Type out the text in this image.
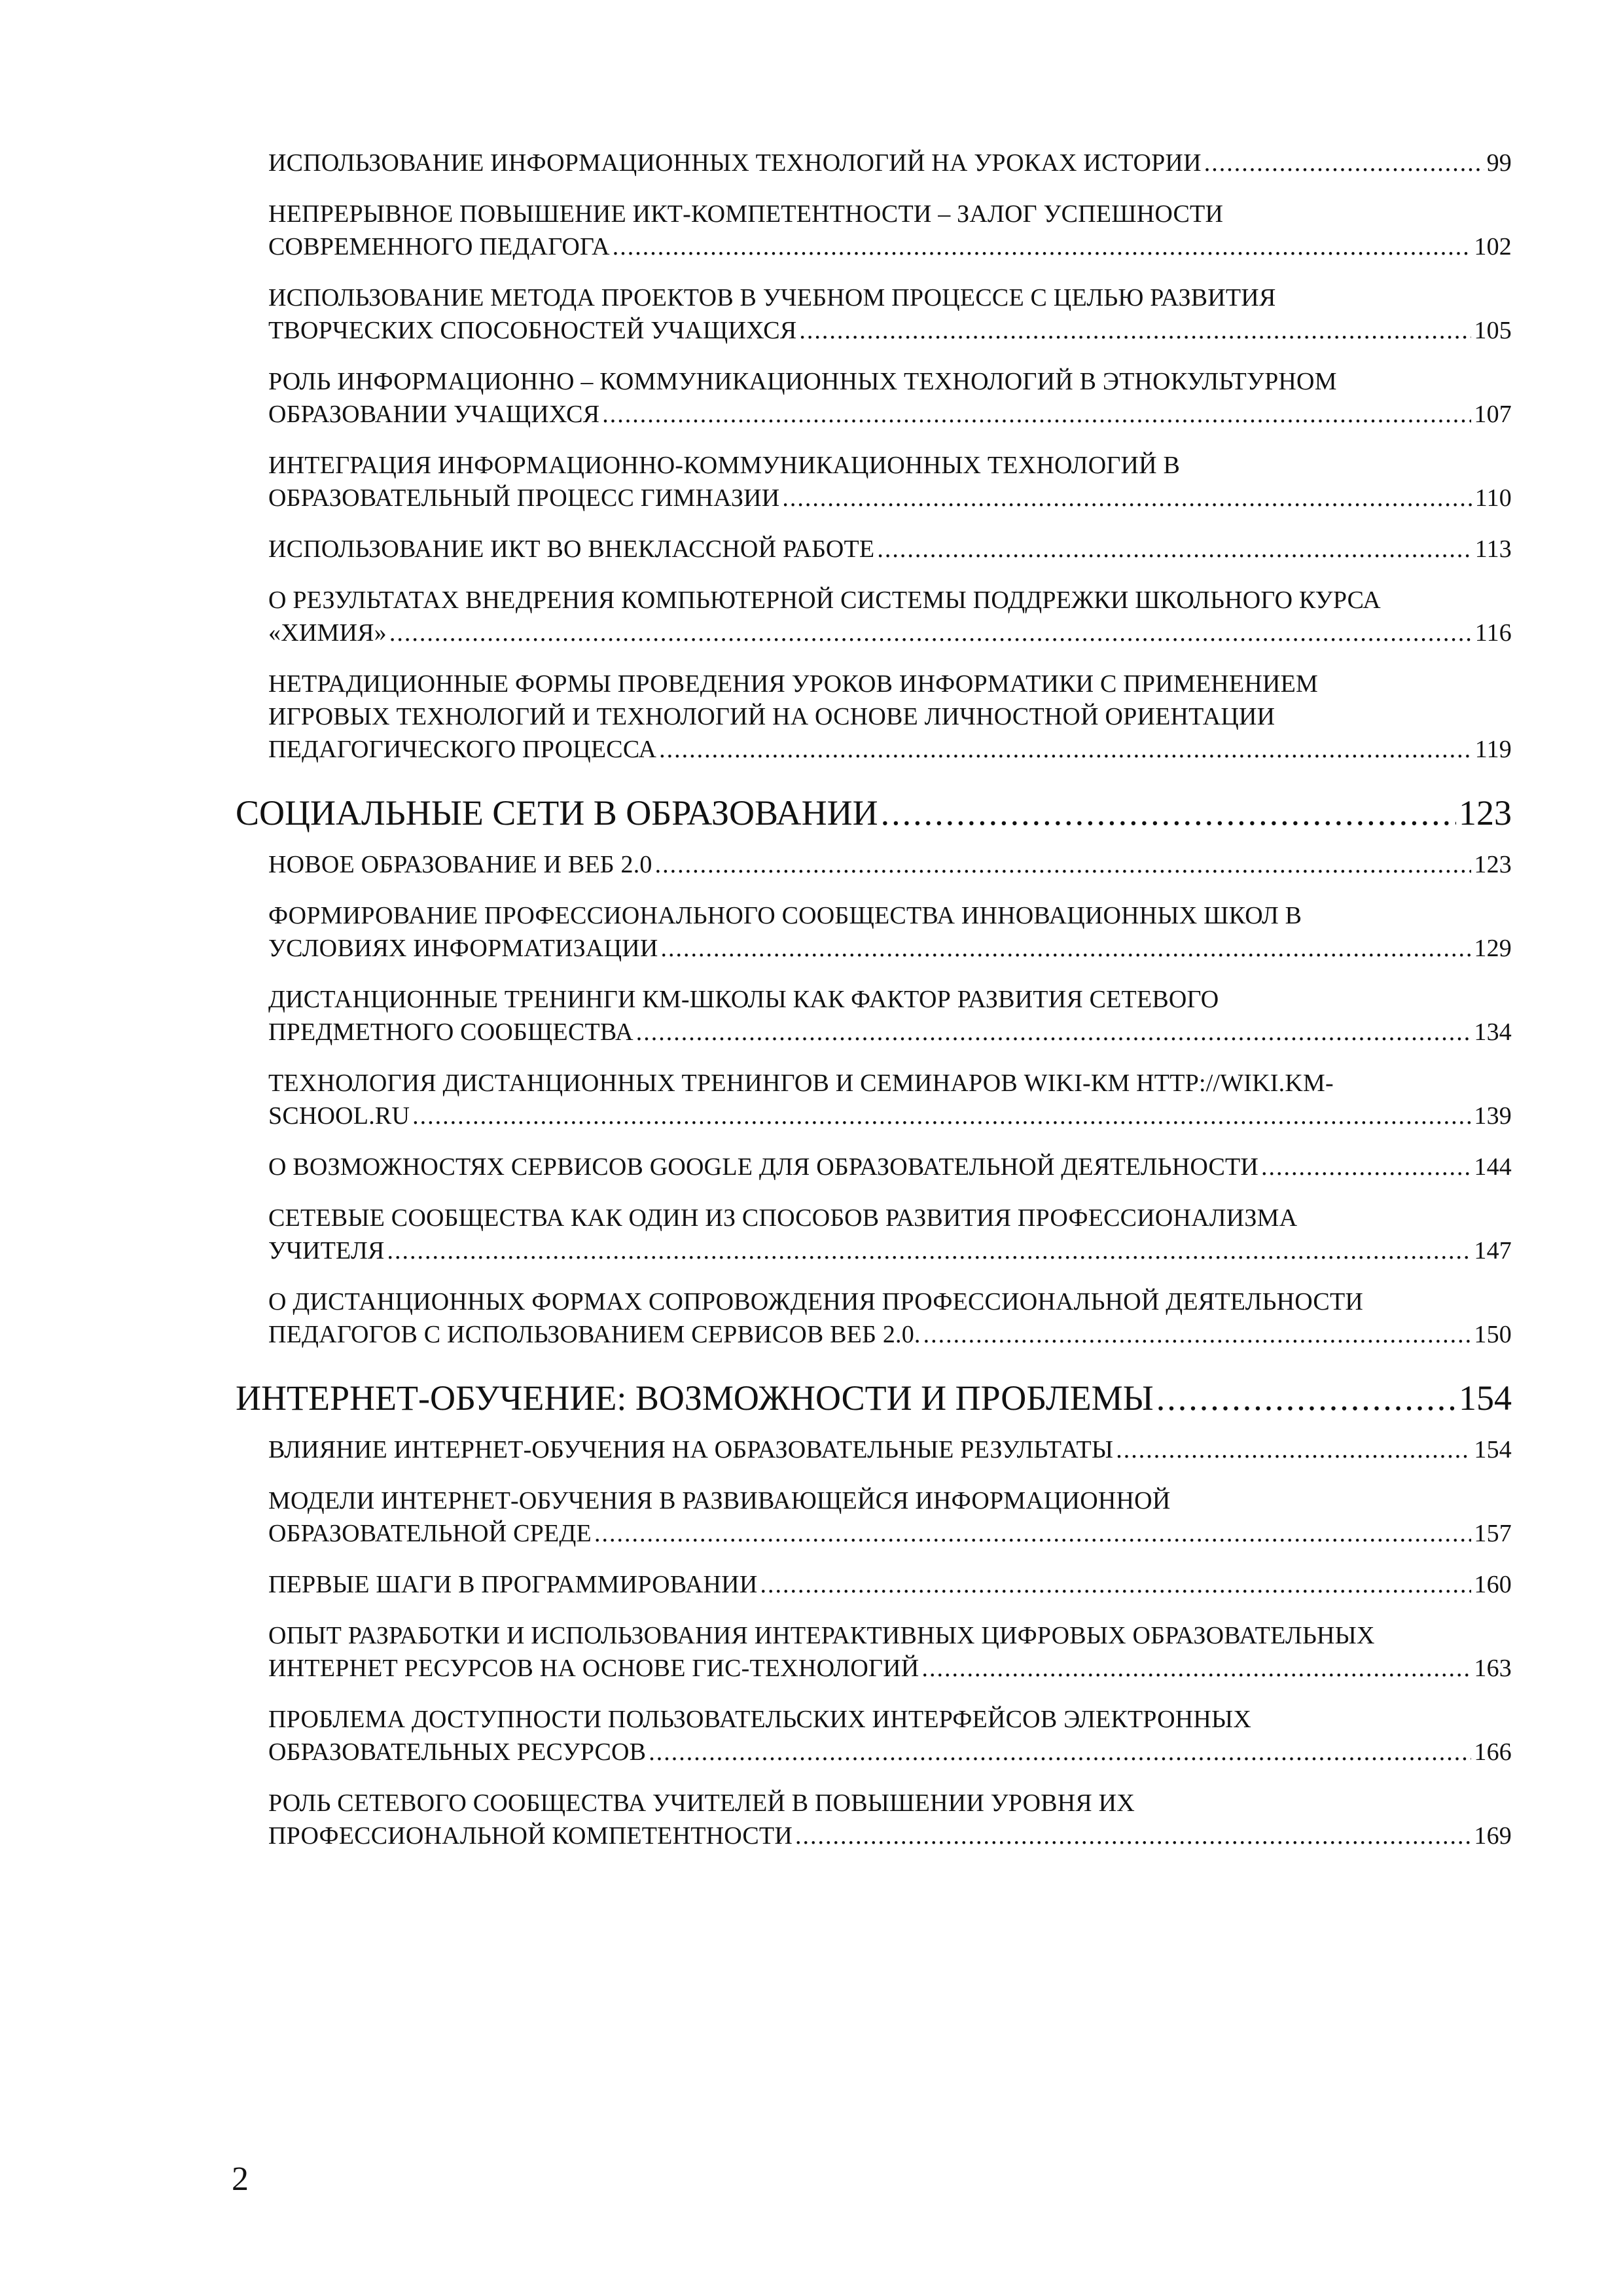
ИСПОЛЬЗОВАНИЕ ИНФОРМАЦИОННЫХ ТЕХНОЛОГИЙ НА УРОКАХ ИСТОРИИ .....	99
НЕПРЕРЫВНОЕ ПОВЫШЕНИЕ ИКТ-КОМПЕТЕНТНОСТИ – ЗАЛОГ УСПЕШНОСТИ
СОВРЕМЕННОГО ПЕДАГОГА .....	102
ИСПОЛЬЗОВАНИЕ МЕТОДА ПРОЕКТОВ В УЧЕБНОМ ПРОЦЕССЕ С ЦЕЛЬЮ РАЗВИТИЯ
ТВОРЧЕСКИХ СПОСОБНОСТЕЙ УЧАЩИХСЯ .....	105
РОЛЬ ИНФОРМАЦИОННО – КОММУНИКАЦИОННЫХ ТЕХНОЛОГИЙ В ЭТНОКУЛЬТУРНОМ
ОБРАЗОВАНИИ УЧАЩИХСЯ .....	107
ИНТЕГРАЦИЯ ИНФОРМАЦИОННО-КОММУНИКАЦИОННЫХ ТЕХНОЛОГИЙ В
ОБРАЗОВАТЕЛЬНЫЙ ПРОЦЕСС ГИМНАЗИИ .....	110
ИСПОЛЬЗОВАНИЕ ИКТ ВО ВНЕКЛАССНОЙ РАБОТЕ .....	113
О РЕЗУЛЬТАТАХ ВНЕДРЕНИЯ КОМПЬЮТЕРНОЙ СИСТЕМЫ ПОДДРЕЖКИ ШКОЛЬНОГО КУРСА
«ХИМИЯ» .....	116
НЕТРАДИЦИОННЫЕ ФОРМЫ ПРОВЕДЕНИЯ УРОКОВ ИНФОРМАТИКИ С ПРИМЕНЕНИЕМ
ИГРОВЫХ ТЕХНОЛОГИЙ И ТЕХНОЛОГИЙ НА ОСНОВЕ ЛИЧНОСТНОЙ ОРИЕНТАЦИИ
ПЕДАГОГИЧЕСКОГО ПРОЦЕССА .....	119
СОЦИАЛЬНЫЕ СЕТИ В ОБРАЗОВАНИИ .....	123
НОВОЕ ОБРАЗОВАНИЕ И ВЕБ 2.0 .....	123
ФОРМИРОВАНИЕ ПРОФЕССИОНАЛЬНОГО СООБЩЕСТВА ИННОВАЦИОННЫХ ШКОЛ В
УСЛОВИЯХ ИНФОРМАТИЗАЦИИ .....	129
ДИСТАНЦИОННЫЕ ТРЕНИНГИ КМ-ШКОЛЫ КАК ФАКТОР РАЗВИТИЯ СЕТЕВОГО
ПРЕДМЕТНОГО СООБЩЕСТВА .....	134
ТЕХНОЛОГИЯ ДИСТАНЦИОННЫХ ТРЕНИНГОВ И СЕМИНАРОВ WIKI-КМ HTTP://WIKI.KM-
SCHOOL.RU .....	139
О ВОЗМОЖНОСТЯХ СЕРВИСОВ GOOGLE ДЛЯ ОБРАЗОВАТЕЛЬНОЙ ДЕЯТЕЛЬНОСТИ .....	144
СЕТЕВЫЕ СООБЩЕСТВА КАК ОДИН ИЗ СПОСОБОВ РАЗВИТИЯ ПРОФЕССИОНАЛИЗМА
УЧИТЕЛЯ .....	147
О ДИСТАНЦИОННЫХ ФОРМАХ СОПРОВОЖДЕНИЯ ПРОФЕССИОНАЛЬНОЙ ДЕЯТЕЛЬНОСТИ
ПЕДАГОГОВ С ИСПОЛЬЗОВАНИЕМ СЕРВИСОВ ВЕБ 2.0. .....	150
ИНТЕРНЕТ-ОБУЧЕНИЕ: ВОЗМОЖНОСТИ И ПРОБЛЕМЫ .....	154
ВЛИЯНИЕ ИНТЕРНЕТ-ОБУЧЕНИЯ НА ОБРАЗОВАТЕЛЬНЫЕ РЕЗУЛЬТАТЫ .....	154
МОДЕЛИ ИНТЕРНЕТ-ОБУЧЕНИЯ В РАЗВИВАЮЩЕЙСЯ ИНФОРМАЦИОННОЙ
ОБРАЗОВАТЕЛЬНОЙ СРЕДЕ .....	157
ПЕРВЫЕ ШАГИ В ПРОГРАММИРОВАНИИ .....	160
ОПЫТ РАЗРАБОТКИ И ИСПОЛЬЗОВАНИЯ ИНТЕРАКТИВНЫХ ЦИФРОВЫХ ОБРАЗОВАТЕЛЬНЫХ
ИНТЕРНЕТ РЕСУРСОВ НА ОСНОВЕ ГИС-ТЕХНОЛОГИЙ .....	163
ПРОБЛЕМА ДОСТУПНОСТИ ПОЛЬЗОВАТЕЛЬСКИХ ИНТЕРФЕЙСОВ ЭЛЕКТРОННЫХ
ОБРАЗОВАТЕЛЬНЫХ РЕСУРСОВ .....	166
РОЛЬ СЕТЕВОГО СООБЩЕСТВА УЧИТЕЛЕЙ В ПОВЫШЕНИИ УРОВНЯ ИХ
ПРОФЕССИОНАЛЬНОЙ КОМПЕТЕНТНОСТИ .....	169
2
